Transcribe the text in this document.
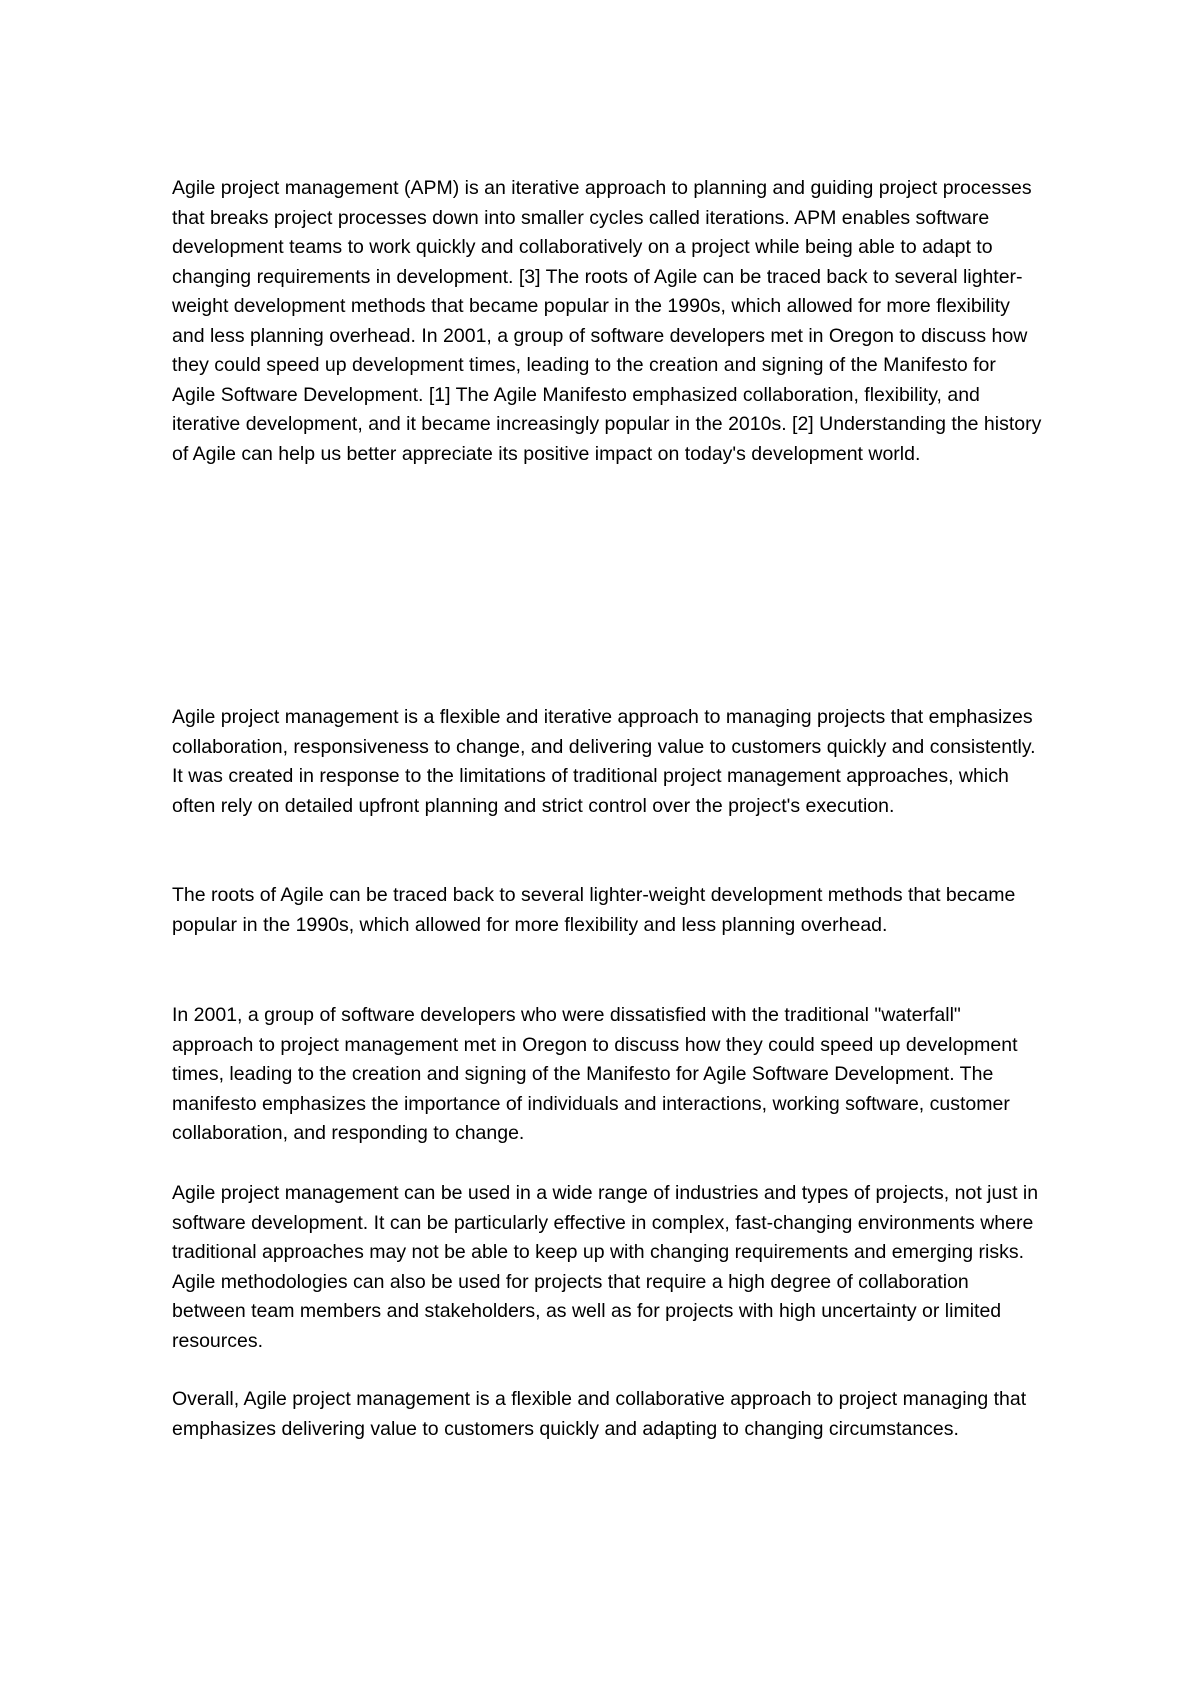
Agile project management (APM) is an iterative approach to planning and guiding project processes that breaks project processes down into smaller cycles called iterations. APM enables software development teams to work quickly and collaboratively on a project while being able to adapt to changing requirements in development. [3] The roots of Agile can be traced back to several lighter-weight development methods that became popular in the 1990s, which allowed for more flexibility and less planning overhead. In 2001, a group of software developers met in Oregon to discuss how they could speed up development times, leading to the creation and signing of the Manifesto for Agile Software Development. [1] The Agile Manifesto emphasized collaboration, flexibility, and iterative development, and it became increasingly popular in the 2010s. [2] Understanding the history of Agile can help us better appreciate its positive impact on today's development world.

Agile project management is a flexible and iterative approach to managing projects that emphasizes collaboration, responsiveness to change, and delivering value to customers quickly and consistently. It was created in response to the limitations of traditional project management approaches, which often rely on detailed upfront planning and strict control over the project's execution.

The roots of Agile can be traced back to several lighter-weight development methods that became popular in the 1990s, which allowed for more flexibility and less planning overhead.

In 2001, a group of software developers who were dissatisfied with the traditional "waterfall" approach to project management met in Oregon to discuss how they could speed up development times, leading to the creation and signing of the Manifesto for Agile Software Development. The manifesto emphasizes the importance of individuals and interactions, working software, customer collaboration, and responding to change.

Agile project management can be used in a wide range of industries and types of projects, not just in software development. It can be particularly effective in complex, fast-changing environments where traditional approaches may not be able to keep up with changing requirements and emerging risks. Agile methodologies can also be used for projects that require a high degree of collaboration between team members and stakeholders, as well as for projects with high uncertainty or limited resources.

Overall, Agile project management is a flexible and collaborative approach to project managing that emphasizes delivering value to customers quickly and adapting to changing circumstances.
